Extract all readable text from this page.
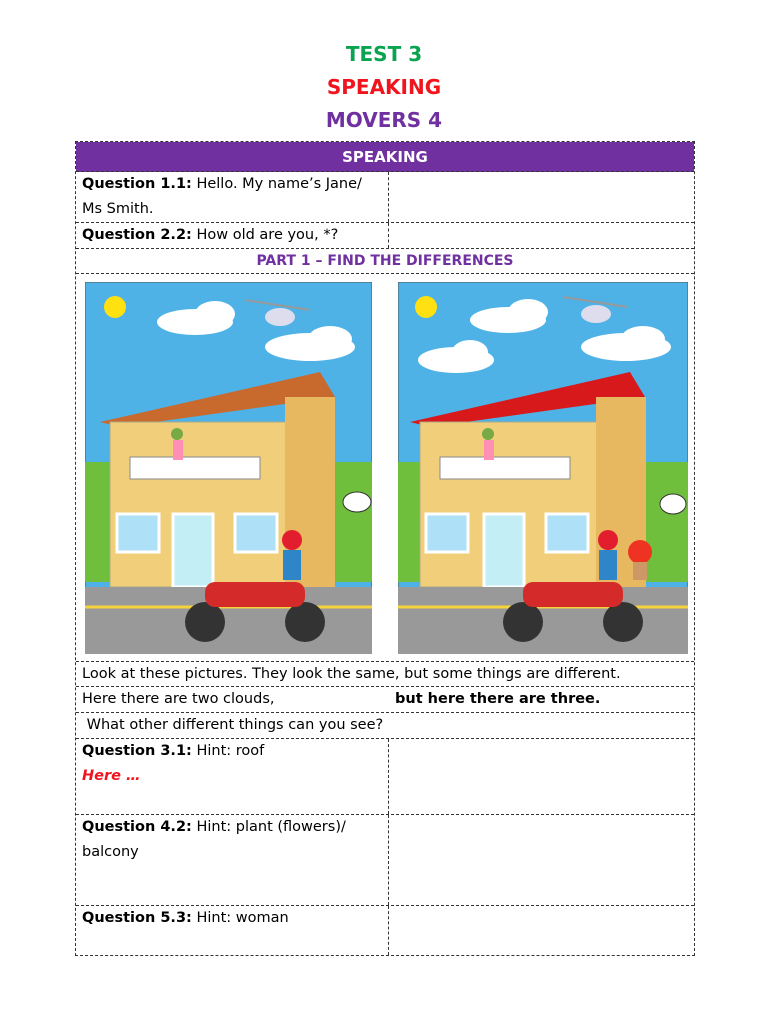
TEST 3
SPEAKING
MOVERS 4
SPEAKING
Question 1.1: Hello. My name’s Jane/
Ms Smith.
Question 2.2: How old are you, *?
PART 1 – FIND THE DIFFERENCES
Look at these pictures. They look the same, but some things are different.
Here there are two clouds,	but here there are three.
What other different things can you see?
Question 3.1: Hint: roof
Here …
Question 4.2: Hint: plant (flowers)/
balcony
Question 5.3: Hint: woman
